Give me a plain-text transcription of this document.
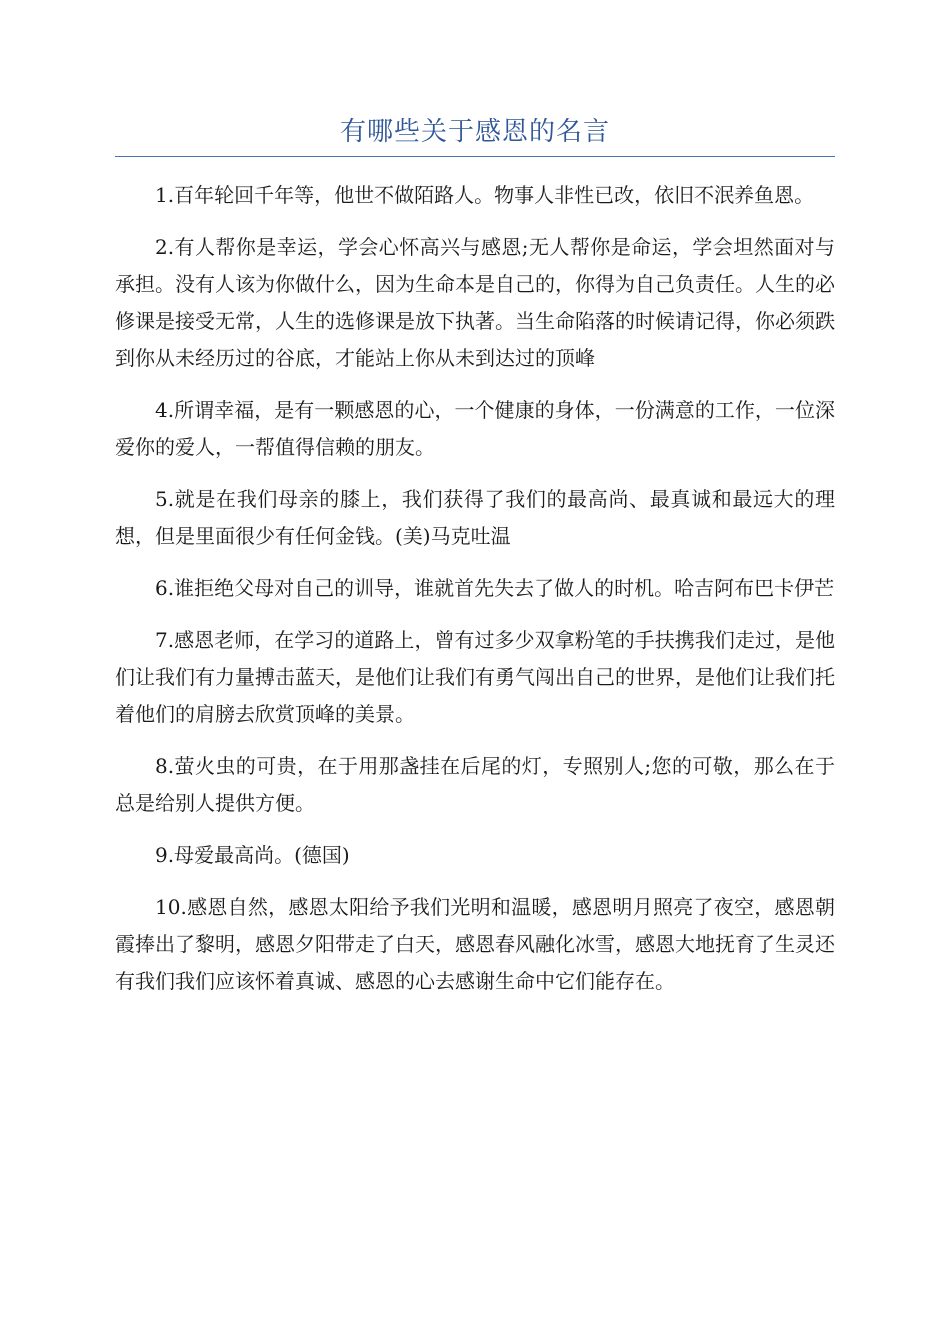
有哪些关于感恩的名言

1.百年轮回千年等，他世不做陌路人。物事人非性已改，依旧不泯养鱼恩。

2.有人帮你是幸运，学会心怀高兴与感恩;无人帮你是命运，学会坦然面对与承担。没有人该为你做什么，因为生命本是自己的，你得为自己负责任。人生的必修课是接受无常，人生的选修课是放下执著。当生命陷落的时候请记得，你必须跌到你从未经历过的谷底，才能站上你从未到达过的顶峰

4.所谓幸福，是有一颗感恩的心，一个健康的身体，一份满意的工作，一位深爱你的爱人，一帮值得信赖的朋友。

5.就是在我们母亲的膝上，我们获得了我们的最高尚、最真诚和最远大的理想，但是里面很少有任何金钱。(美)马克吐温

6.谁拒绝父母对自己的训导，谁就首先失去了做人的时机。哈吉阿布巴卡伊芒

7.感恩老师，在学习的道路上，曾有过多少双拿粉笔的手扶携我们走过，是他们让我们有力量搏击蓝天，是他们让我们有勇气闯出自己的世界，是他们让我们托着他们的肩膀去欣赏顶峰的美景。

8.萤火虫的可贵，在于用那盏挂在后尾的灯，专照别人;您的可敬，那么在于总是给别人提供方便。

9.母爱最高尚。(德国)

10.感恩自然，感恩太阳给予我们光明和温暖，感恩明月照亮了夜空，感恩朝霞捧出了黎明，感恩夕阳带走了白天，感恩春风融化冰雪，感恩大地抚育了生灵还有我们我们应该怀着真诚、感恩的心去感谢生命中它们能存在。
